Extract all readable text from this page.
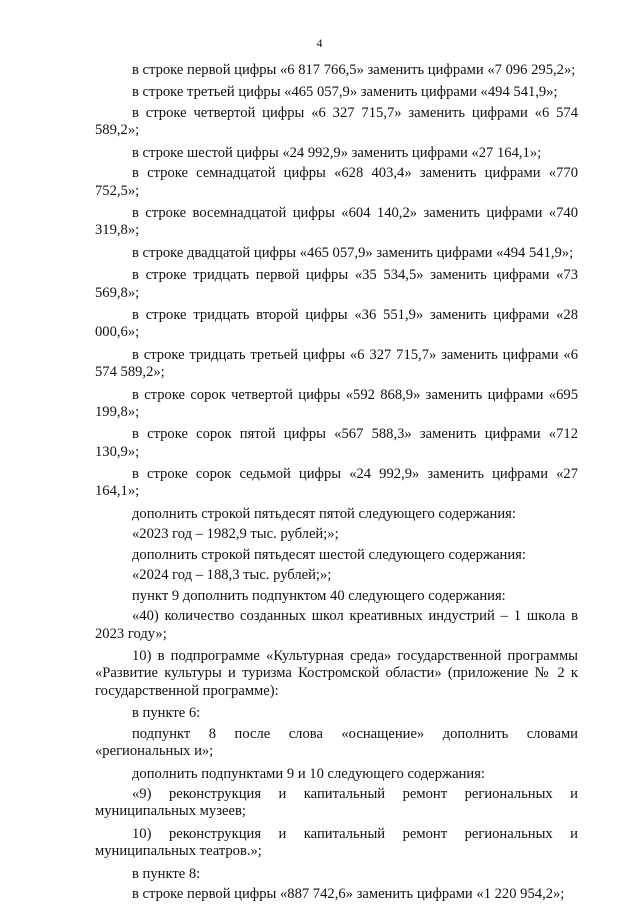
4

в строке первой цифры «6 817 766,5» заменить цифрами «7 096 295,2»;

в строке третьей цифры «465 057,9» заменить цифрами «494 541,9»;

в строке четвертой цифры «6 327 715,7» заменить цифрами «6 574 589,2»;

в строке шестой цифры «24 992,9» заменить цифрами «27 164,1»;

в строке семнадцатой цифры «628 403,4» заменить цифрами «770 752,5»;

в строке восемнадцатой цифры «604 140,2» заменить цифрами «740 319,8»;

в строке двадцатой цифры «465 057,9» заменить цифрами «494 541,9»;

в строке тридцать первой цифры «35 534,5» заменить цифрами «73 569,8»;

в строке тридцать второй цифры «36 551,9» заменить цифрами «28 000,6»;

в строке тридцать третьей цифры «6 327 715,7» заменить цифрами «6 574 589,2»;

в строке сорок четвертой цифры «592 868,9» заменить цифрами «695 199,8»;

в строке сорок пятой цифры «567 588,3» заменить цифрами «712 130,9»;

в строке сорок седьмой цифры «24 992,9» заменить цифрами «27 164,1»;

дополнить строкой пятьдесят пятой следующего содержания:

«2023 год – 1982,9 тыс. рублей;»;

дополнить строкой пятьдесят шестой следующего содержания:

«2024 год – 188,3 тыс. рублей;»;

пункт 9 дополнить подпунктом 40 следующего содержания:

«40) количество созданных школ креативных индустрий – 1 школа в 2023 году»;

10) в подпрограмме «Культурная среда» государственной программы «Развитие культуры и туризма Костромской области» (приложение № 2 к государственной программе):

в пункте 6:

подпункт 8 после слова «оснащение» дополнить словами «региональных и»;

дополнить подпунктами 9 и 10 следующего содержания:

«9) реконструкция и капитальный ремонт региональных и муниципальных музеев;

10) реконструкция и капитальный ремонт региональных и муниципальных театров.»;

в пункте 8:

в строке первой цифры «887 742,6» заменить цифрами «1 220 954,2»;
